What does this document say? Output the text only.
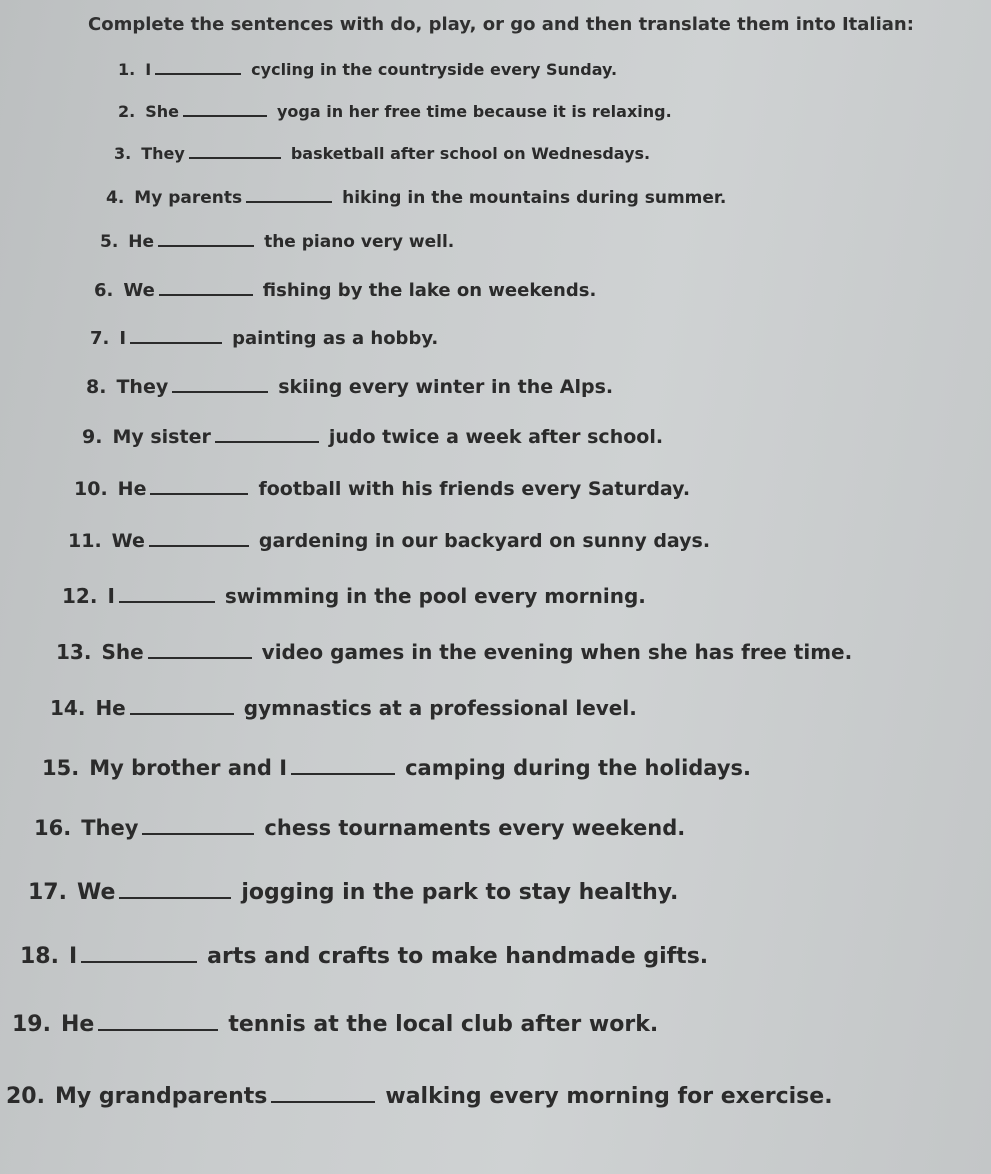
Complete the sentences with do, play, or go and then translate them into Italian:
1. I	cycling in the countryside every Sunday.
2. She	yoga in her free time because it is relaxing.
3. They	basketball after school on Wednesdays.
4. My parents	hiking in the mountains during summer.
5. He	the piano very well.
6. We	fishing by the lake on weekends.
7. I	painting as a hobby.
8. They	skiing every winter in the Alps.
9. My sister	judo twice a week after school.
10. He	football with his friends every Saturday.
11. We	gardening in our backyard on sunny days.
12. I	swimming in the pool every morning.
13. She	video games in the evening when she has free time.
14. He	gymnastics at a professional level.
15. My brother and I	camping during the holidays.
16. They	chess tournaments every weekend.
17. We	jogging in the park to stay healthy.
18. I	arts and crafts to make handmade gifts.
19. He	tennis at the local club after work.
20. My grandparents	walking every morning for exercise.
